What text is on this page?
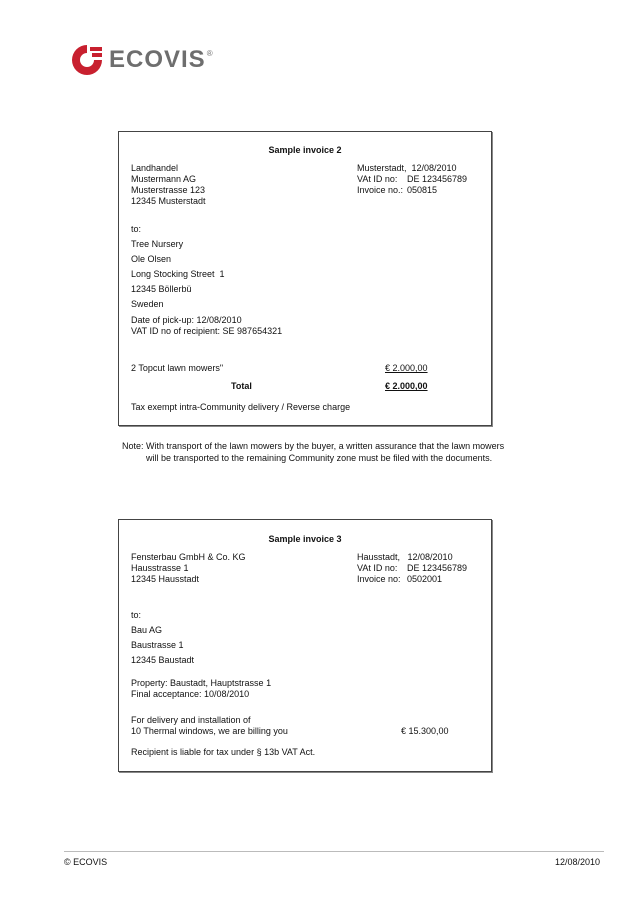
ECOVIS ®
Sample invoice 2
Landhandel
Mustermann AG
Musterstrasse 123
12345 Musterstadt
Musterstadt,  12/08/2010
VAt ID no: DE 123456789
Invoice no.: 050815
to:
Tree Nursery
Ole Olsen
Long Stocking Street  1
12345 Böllerbü
Sweden
Date of pick-up: 12/08/2010
VAT ID no of recipient: SE 987654321
2 Topcut lawn mowers"	€ 2.000,00
Total	€ 2.000,00
Tax exempt intra-Community delivery / Reverse charge
Note: With transport of the lawn mowers by the buyer, a written assurance that the lawn mowers will be transported to the remaining Community zone must be filed with the documents.
Sample invoice 3
Fensterbau GmbH & Co. KG
Hausstrasse 1
12345 Hausstadt
Hausstadt,   12/08/2010
VAt ID no: DE 123456789
Invoice no: 0502001
to:
Bau AG
Baustrasse 1
12345 Baustadt
Property: Baustadt, Hauptstrasse 1
Final acceptance: 10/08/2010
For delivery and installation of
10 Thermal windows, we are billing you	€ 15.300,00
Recipient is liable for tax under § 13b VAT Act.
© ECOVIS	12/08/2010
